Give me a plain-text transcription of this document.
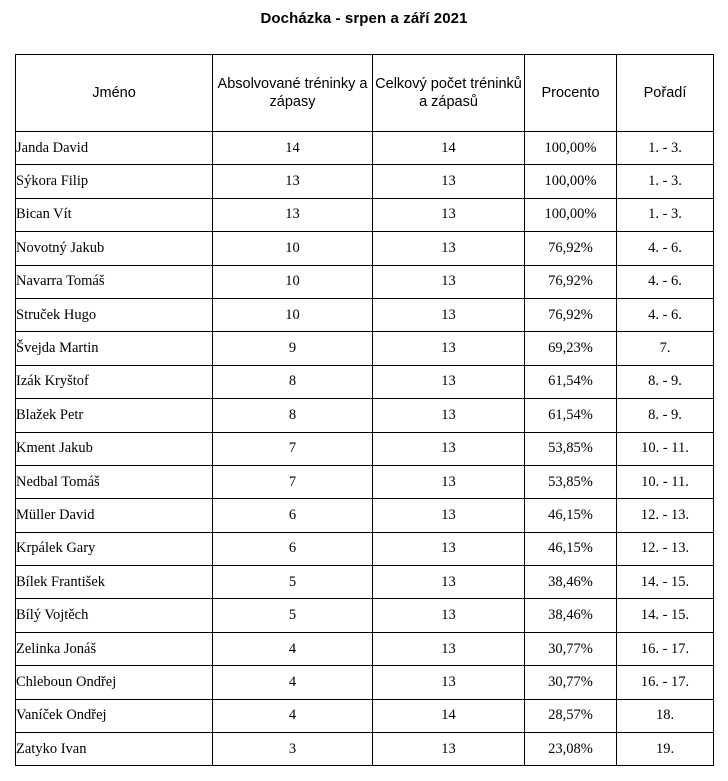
Docházka - srpen a září 2021
Jméno	Absolvované tréninky a zápasy	Celkový počet tréninků a zápasů	Procento	Pořadí
Janda David	14	14	100,00%	1. - 3.
Sýkora Filip	13	13	100,00%	1. - 3.
Bican Vít	13	13	100,00%	1. - 3.
Novotný Jakub	10	13	76,92%	4. - 6.
Navarra Tomáš	10	13	76,92%	4. - 6.
Struček Hugo	10	13	76,92%	4. - 6.
Švejda Martin	9	13	69,23%	7.
Izák Kryštof	8	13	61,54%	8. - 9.
Blažek Petr	8	13	61,54%	8. - 9.
Kment Jakub	7	13	53,85%	10. - 11.
Nedbal Tomáš	7	13	53,85%	10. - 11.
Müller David	6	13	46,15%	12. - 13.
Krpálek Gary	6	13	46,15%	12. - 13.
Bílek František	5	13	38,46%	14. - 15.
Bílý Vojtěch	5	13	38,46%	14. - 15.
Zelinka Jonáš	4	13	30,77%	16. - 17.
Chleboun Ondřej	4	13	30,77%	16. - 17.
Vaníček Ondřej	4	14	28,57%	18.
Zatyko Ivan	3	13	23,08%	19.
